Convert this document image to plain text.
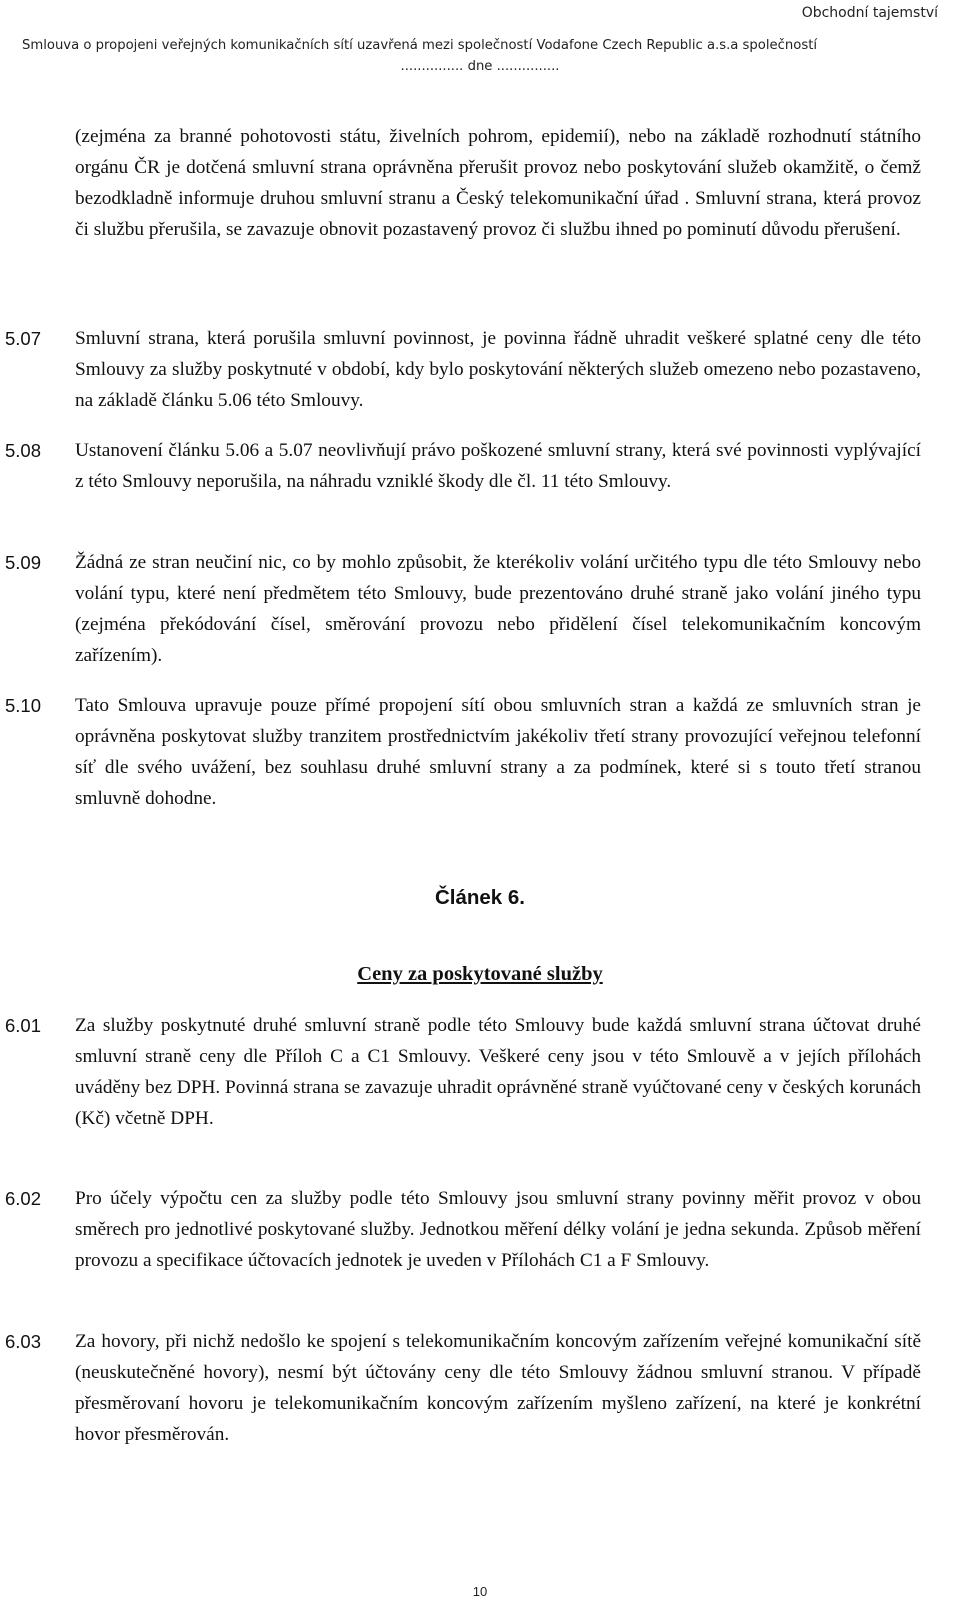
Obchodní tajemství
Smlouva o propojeni veřejných komunikačních sítí uzavřená mezi společností Vodafone Czech Republic a.s.a společností
............... dne ...............
(zejména za branné pohotovosti státu, živelních pohrom, epidemií), nebo na základě rozhodnutí státního orgánu ČR je dotčená smluvní strana oprávněna přerušit provoz nebo poskytování služeb okamžitě, o čemž bezodkladně informuje druhou smluvní stranu a Český telekomunikační úřad . Smluvní strana, která provoz či službu přerušila, se zavazuje obnovit pozastavený provoz či službu ihned po pominutí důvodu přerušení.
5.07	Smluvní strana, která porušila smluvní povinnost, je povinna řádně uhradit veškeré splatné ceny dle této Smlouvy za služby poskytnuté v období, kdy bylo poskytování některých služeb omezeno nebo pozastaveno, na základě článku 5.06 této Smlouvy.
5.08	Ustanovení článku 5.06 a 5.07 neovlivňují právo poškozené smluvní strany, která své povinnosti vyplývající z této Smlouvy neporušila, na náhradu vzniklé škody dle čl. 11 této Smlouvy.
5.09	Žádná ze stran neučiní nic, co by mohlo způsobit, že kterékoliv volání určitého typu dle této Smlouvy nebo volání typu, které není předmětem této Smlouvy, bude prezentováno druhé straně jako volání jiného typu (zejména překódování čísel, směrování provozu nebo přidělení čísel telekomunikačním koncovým zařízením).
5.10	Tato Smlouva upravuje pouze přímé propojení sítí obou smluvních stran a každá ze smluvních stran je oprávněna poskytovat služby tranzitem prostřednictvím jakékoliv třetí strany provozující veřejnou telefonní síť dle svého uvážení, bez souhlasu druhé smluvní strany a za podmínek, které si s touto třetí stranou smluvně dohodne.
Článek 6.
Ceny za poskytované služby
6.01	Za služby poskytnuté druhé smluvní straně podle této Smlouvy bude každá smluvní strana účtovat druhé smluvní straně ceny dle Příloh C a C1 Smlouvy. Veškeré ceny jsou v této Smlouvě a v jejích přílohách uváděny bez DPH. Povinná strana se zavazuje uhradit oprávněné straně vyúčtované ceny v českých korunách (Kč) včetně DPH.
6.02	Pro účely výpočtu cen za služby podle této Smlouvy jsou smluvní strany povinny měřit provoz v obou směrech pro jednotlivé poskytované služby. Jednotkou měření délky volání je jedna sekunda. Způsob měření provozu a specifikace účtovacích jednotek je uveden v Přílohách C1 a F Smlouvy.
6.03	Za hovory, při nichž nedošlo ke spojení s telekomunikačním koncovým zařízením veřejné komunikační sítě (neuskutečněné hovory), nesmí být účtovány ceny dle této Smlouvy žádnou smluvní stranou. V případě přesměrovaní hovoru je telekomunikačním koncovým zařízením myšleno zařízení, na které je konkrétní hovor přesměrován.
10
